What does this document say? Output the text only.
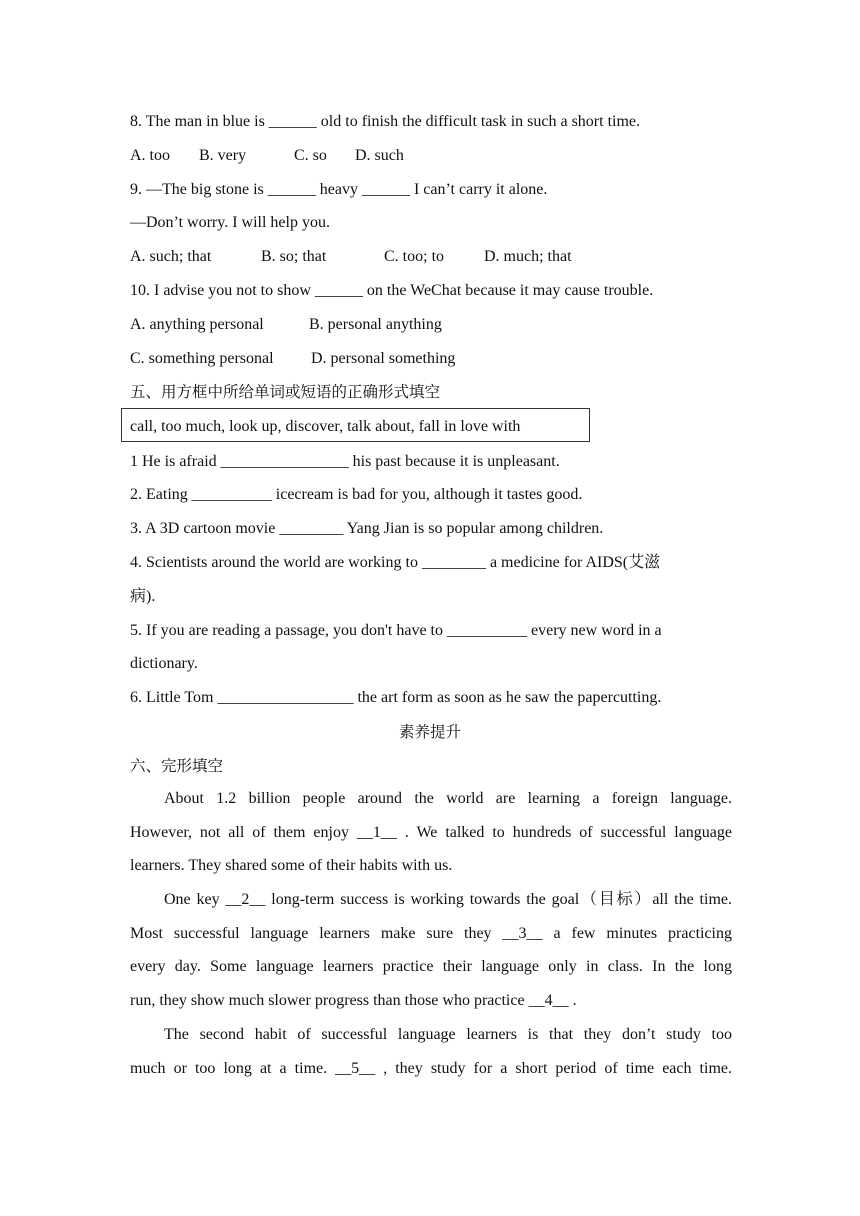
8. The man in blue is ______ old to finish the difficult task in such a short time.

A. too

B. very

	C. so

D. such

9. —The big stone is ______ heavy ______ I can’t carry it alone.
—Don’t worry. I will help you.

A. such; that

	B. so; that

	C. too; to

D. much; that

10. I advise you not to show ______ on the WeChat because it may cause trouble.

A. anything personal

	B. personal anything

C. something personal

D. personal something

五、用方框中所给单词或短语的正确形式填空
call, too much, look up, discover, talk about, fall in love with
1 He is afraid ________________ his past because it is unpleasant.
2. Eating __________ icecream is bad for you, although it tastes good.
3. A 3D cartoon movie ________ Yang Jian is so popular among children.
4. Scientists around the world are working to ________ a medicine for AIDS(艾滋
病).
5. If you are reading a passage, you don't have to __________ every new word in a
dictionary.
6. Little Tom _________________ the art form as soon as he saw the papercutting.
素养提升
六、完形填空
About 1.2 billion people around the world are learning a foreign language.
However, not all of them enjoy __1__ . We talked to hundreds of successful language
learners. They shared some of their habits with us.
One key __2__ long-term success is working towards the goal（目标）all the time.
Most successful language learners make sure they __3__ a few minutes practicing
every day. Some language learners practice their language only in class. In the long
run, they show much slower progress than those who practice __4__ .
The second habit of successful language learners is that they don’t study too
much or too long at a time. __5__ , they study for a short period of time each time.
